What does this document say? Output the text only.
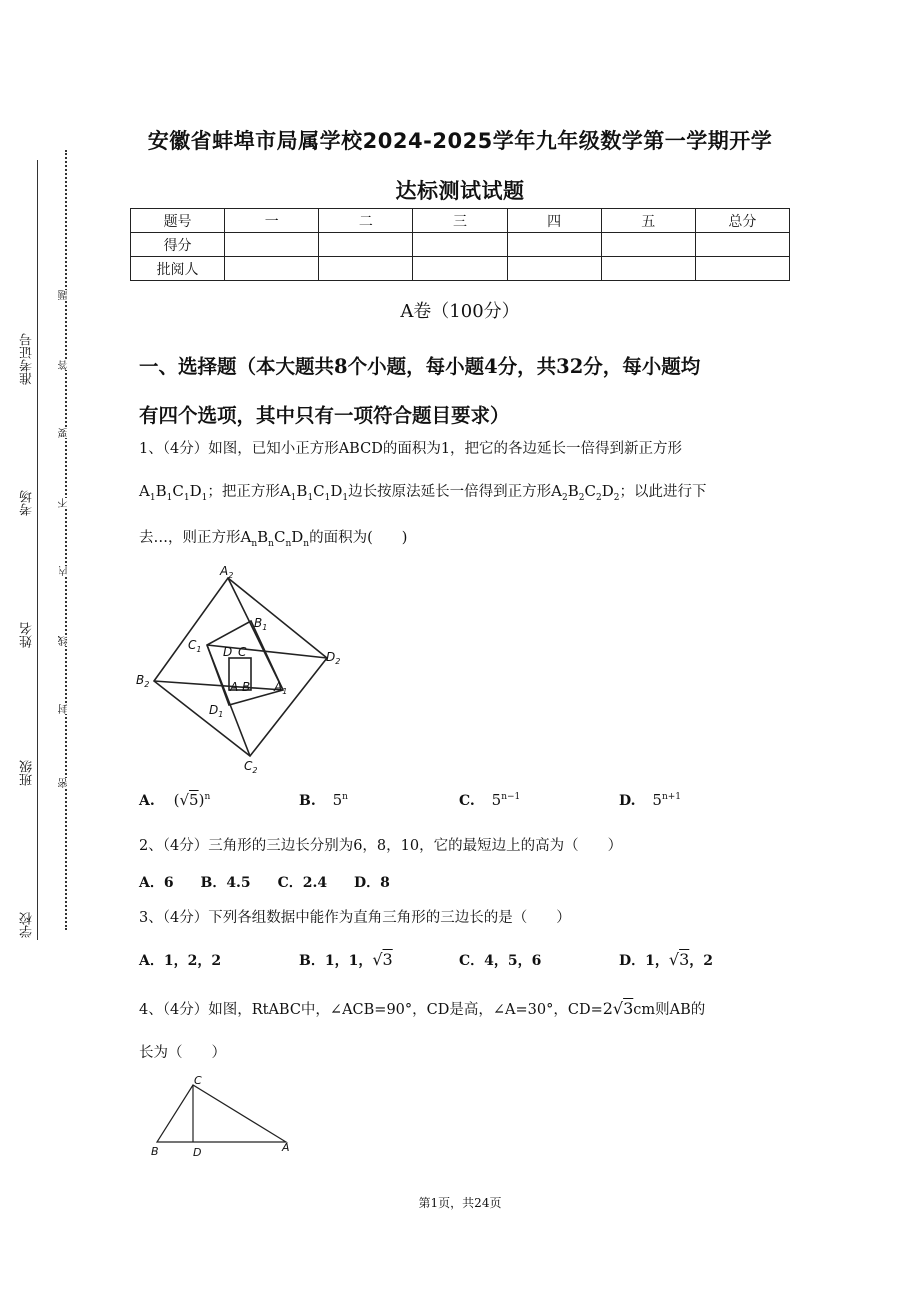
学校
班级
姓名
考场
准考证号
密
封
线
内
不
要
答
题
安徽省蚌埠市局属学校2024-2025学年九年级数学第一学期开学
达标测试试题
题号	一	二	三	四	五	总分
得分						
批阅人						
A卷（100分）
一、选择题（本大题共8个小题，每小题4分，共32分，每小题均
有四个选项，其中只有一项符合题目要求）
1、（4分）如图，已知小正方形ABCD的面积为1，把它的各边延长一倍得到新正方形
$A_1B_1C_1D_1$；把正方形$A_1B_1C_1D_1$边长按原法延长一倍得到正方形$A_2B_2C_2D_2$；以此进行下
去…，则正方形$A_nB_nC_nD_n$的面积为(　　)
$A_2$
$B_1$
$C_1$ D C	$D_2$
$B_2$	A B $A_1$
$D_1$
$C_2$
A. $(√5)^n$	B. 5$^n$	C. $5^{n-1}$	D. $5^{n+1}$
2、（4分）三角形的三边长分别为6，8，10，它的最短边上的高为（　　）
A．6 B．4.5 C．2.4 D．8
3、（4分）下列各组数据中能作为直角三角形的三边长的是（　　）
A．1，2，2	B．1，1，√3	C．4，5，6	D．1，√3，2
4、（4分）如图，RtABC中，∠ACB=90°，CD是高，∠A=30°，CD=2√3cm则AB的
长为（　　）
C
B	D	A
第1页，共24页
